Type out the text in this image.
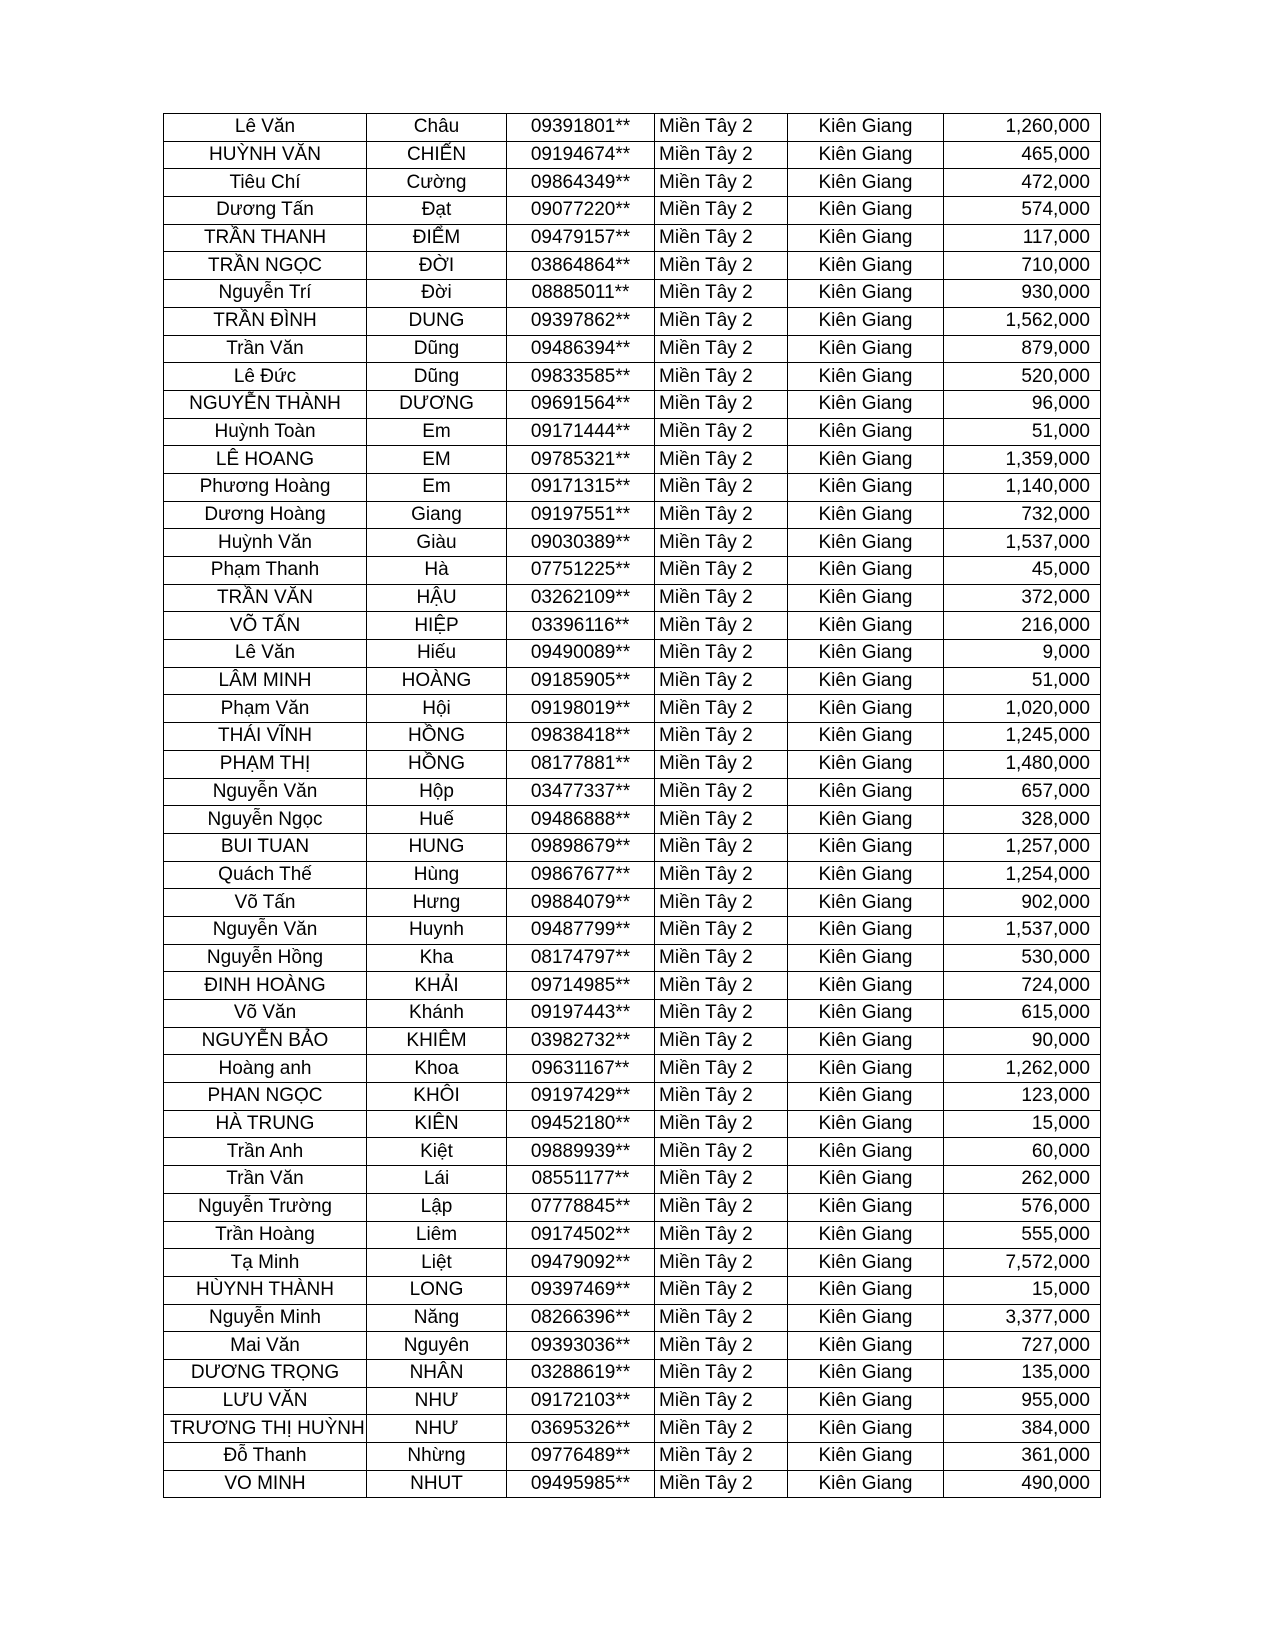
Lê Văn	Châu	09391801**	Miền Tây 2	Kiên Giang	1,260,000
HUỲNH VĂN	CHIẾN	09194674**	Miền Tây 2	Kiên Giang	465,000
Tiêu Chí	Cường	09864349**	Miền Tây 2	Kiên Giang	472,000
Dương Tấn	Đạt	09077220**	Miền Tây 2	Kiên Giang	574,000
TRẦN THANH	ĐIỂM	09479157**	Miền Tây 2	Kiên Giang	117,000
TRẦN NGỌC	ĐỜI	03864864**	Miền Tây 2	Kiên Giang	710,000
Nguyễn Trí	Đời	08885011**	Miền Tây 2	Kiên Giang	930,000
TRẦN ĐÌNH	DUNG	09397862**	Miền Tây 2	Kiên Giang	1,562,000
Trần Văn	Dũng	09486394**	Miền Tây 2	Kiên Giang	879,000
Lê Đức	Dũng	09833585**	Miền Tây 2	Kiên Giang	520,000
NGUYỄN THÀNH	DƯƠNG	09691564**	Miền Tây 2	Kiên Giang	96,000
Huỳnh Toàn	Em	09171444**	Miền Tây 2	Kiên Giang	51,000
LÊ HOANG	EM	09785321**	Miền Tây 2	Kiên Giang	1,359,000
Phương Hoàng	Em	09171315**	Miền Tây 2	Kiên Giang	1,140,000
Dương Hoàng	Giang	09197551**	Miền Tây 2	Kiên Giang	732,000
Huỳnh Văn	Giàu	09030389**	Miền Tây 2	Kiên Giang	1,537,000
Phạm Thanh	Hà	07751225**	Miền Tây 2	Kiên Giang	45,000
TRẦN VĂN	HẬU	03262109**	Miền Tây 2	Kiên Giang	372,000
VÕ TẤN	HIỆP	03396116**	Miền Tây 2	Kiên Giang	216,000
Lê Văn	Hiếu	09490089**	Miền Tây 2	Kiên Giang	9,000
LÂM MINH	HOÀNG	09185905**	Miền Tây 2	Kiên Giang	51,000
Phạm Văn	Hội	09198019**	Miền Tây 2	Kiên Giang	1,020,000
THÁI VĨNH	HỒNG	09838418**	Miền Tây 2	Kiên Giang	1,245,000
PHẠM THỊ	HỒNG	08177881**	Miền Tây 2	Kiên Giang	1,480,000
Nguyễn Văn	Hộp	03477337**	Miền Tây 2	Kiên Giang	657,000
Nguyễn Ngọc	Huế	09486888**	Miền Tây 2	Kiên Giang	328,000
BUI TUAN	HUNG	09898679**	Miền Tây 2	Kiên Giang	1,257,000
Quách Thế	Hùng	09867677**	Miền Tây 2	Kiên Giang	1,254,000
Võ Tấn	Hưng	09884079**	Miền Tây 2	Kiên Giang	902,000
Nguyễn Văn	Huynh	09487799**	Miền Tây 2	Kiên Giang	1,537,000
Nguyễn Hồng	Kha	08174797**	Miền Tây 2	Kiên Giang	530,000
ĐINH HOÀNG	KHẢI	09714985**	Miền Tây 2	Kiên Giang	724,000
Võ Văn	Khánh	09197443**	Miền Tây 2	Kiên Giang	615,000
NGUYỄN BẢO	KHIÊM	03982732**	Miền Tây 2	Kiên Giang	90,000
Hoàng anh	Khoa	09631167**	Miền Tây 2	Kiên Giang	1,262,000
PHAN NGỌC	KHÔI	09197429**	Miền Tây 2	Kiên Giang	123,000
HÀ TRUNG	KIÊN	09452180**	Miền Tây 2	Kiên Giang	15,000
Trần Anh	Kiệt	09889939**	Miền Tây 2	Kiên Giang	60,000
Trần Văn	Lái	08551177**	Miền Tây 2	Kiên Giang	262,000
Nguyễn Trường	Lập	07778845**	Miền Tây 2	Kiên Giang	576,000
Trần Hoàng	Liêm	09174502**	Miền Tây 2	Kiên Giang	555,000
Tạ Minh	Liệt	09479092**	Miền Tây 2	Kiên Giang	7,572,000
HÙYNH THÀNH	LONG	09397469**	Miền Tây 2	Kiên Giang	15,000
Nguyễn Minh	Năng	08266396**	Miền Tây 2	Kiên Giang	3,377,000
Mai Văn	Nguyên	09393036**	Miền Tây 2	Kiên Giang	727,000
DƯƠNG TRỌNG	NHÂN	03288619**	Miền Tây 2	Kiên Giang	135,000
LƯU VĂN	NHƯ	09172103**	Miền Tây 2	Kiên Giang	955,000
TRƯƠNG THỊ HUỲNH	NHƯ	03695326**	Miền Tây 2	Kiên Giang	384,000
Đỗ Thanh	Nhừng	09776489**	Miền Tây 2	Kiên Giang	361,000
VO MINH	NHUT	09495985**	Miền Tây 2	Kiên Giang	490,000
